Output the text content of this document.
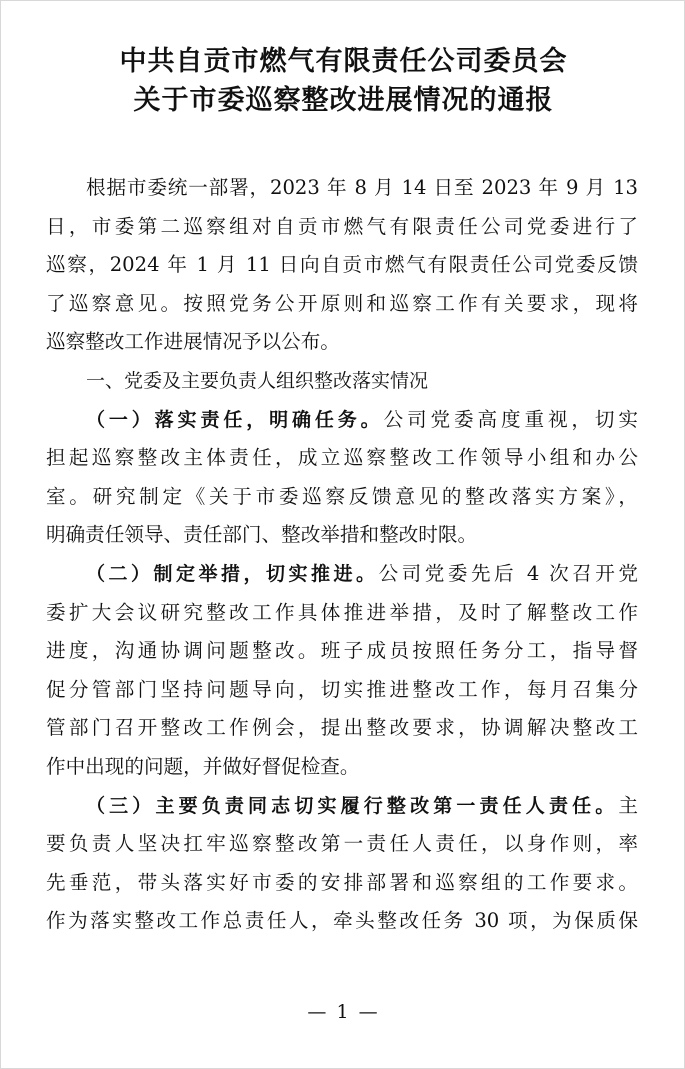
中共自贡市燃气有限责任公司委员会
关于市委巡察整改进展情况的通报
根据市委统一部署，2023 年 8 月 14 日至 2023 年 9 月 13
日，市委第二巡察组对自贡市燃气有限责任公司党委进行了
巡察，2024 年 1 月 11 日向自贡市燃气有限责任公司党委反馈
了巡察意见。按照党务公开原则和巡察工作有关要求，现将
巡察整改工作进展情况予以公布。
一、党委及主要负责人组织整改落实情况
（一）落实责任，明确任务。公司党委高度重视，切实
担起巡察整改主体责任，成立巡察整改工作领导小组和办公
室。研究制定《关于市委巡察反馈意见的整改落实方案》，
明确责任领导、责任部门、整改举措和整改时限。
（二）制定举措，切实推进。公司党委先后 4 次召开党
委扩大会议研究整改工作具体推进举措，及时了解整改工作
进度，沟通协调问题整改。班子成员按照任务分工，指导督
促分管部门坚持问题导向，切实推进整改工作，每月召集分
管部门召开整改工作例会，提出整改要求，协调解决整改工
作中出现的问题，并做好督促检查。
（三）主要负责同志切实履行整改第一责任人责任。主
要负责人坚决扛牢巡察整改第一责任人责任，以身作则，率
先垂范，带头落实好市委的安排部署和巡察组的工作要求。
作为落实整改工作总责任人，牵头整改任务 30 项，为保质保
— 1 —
